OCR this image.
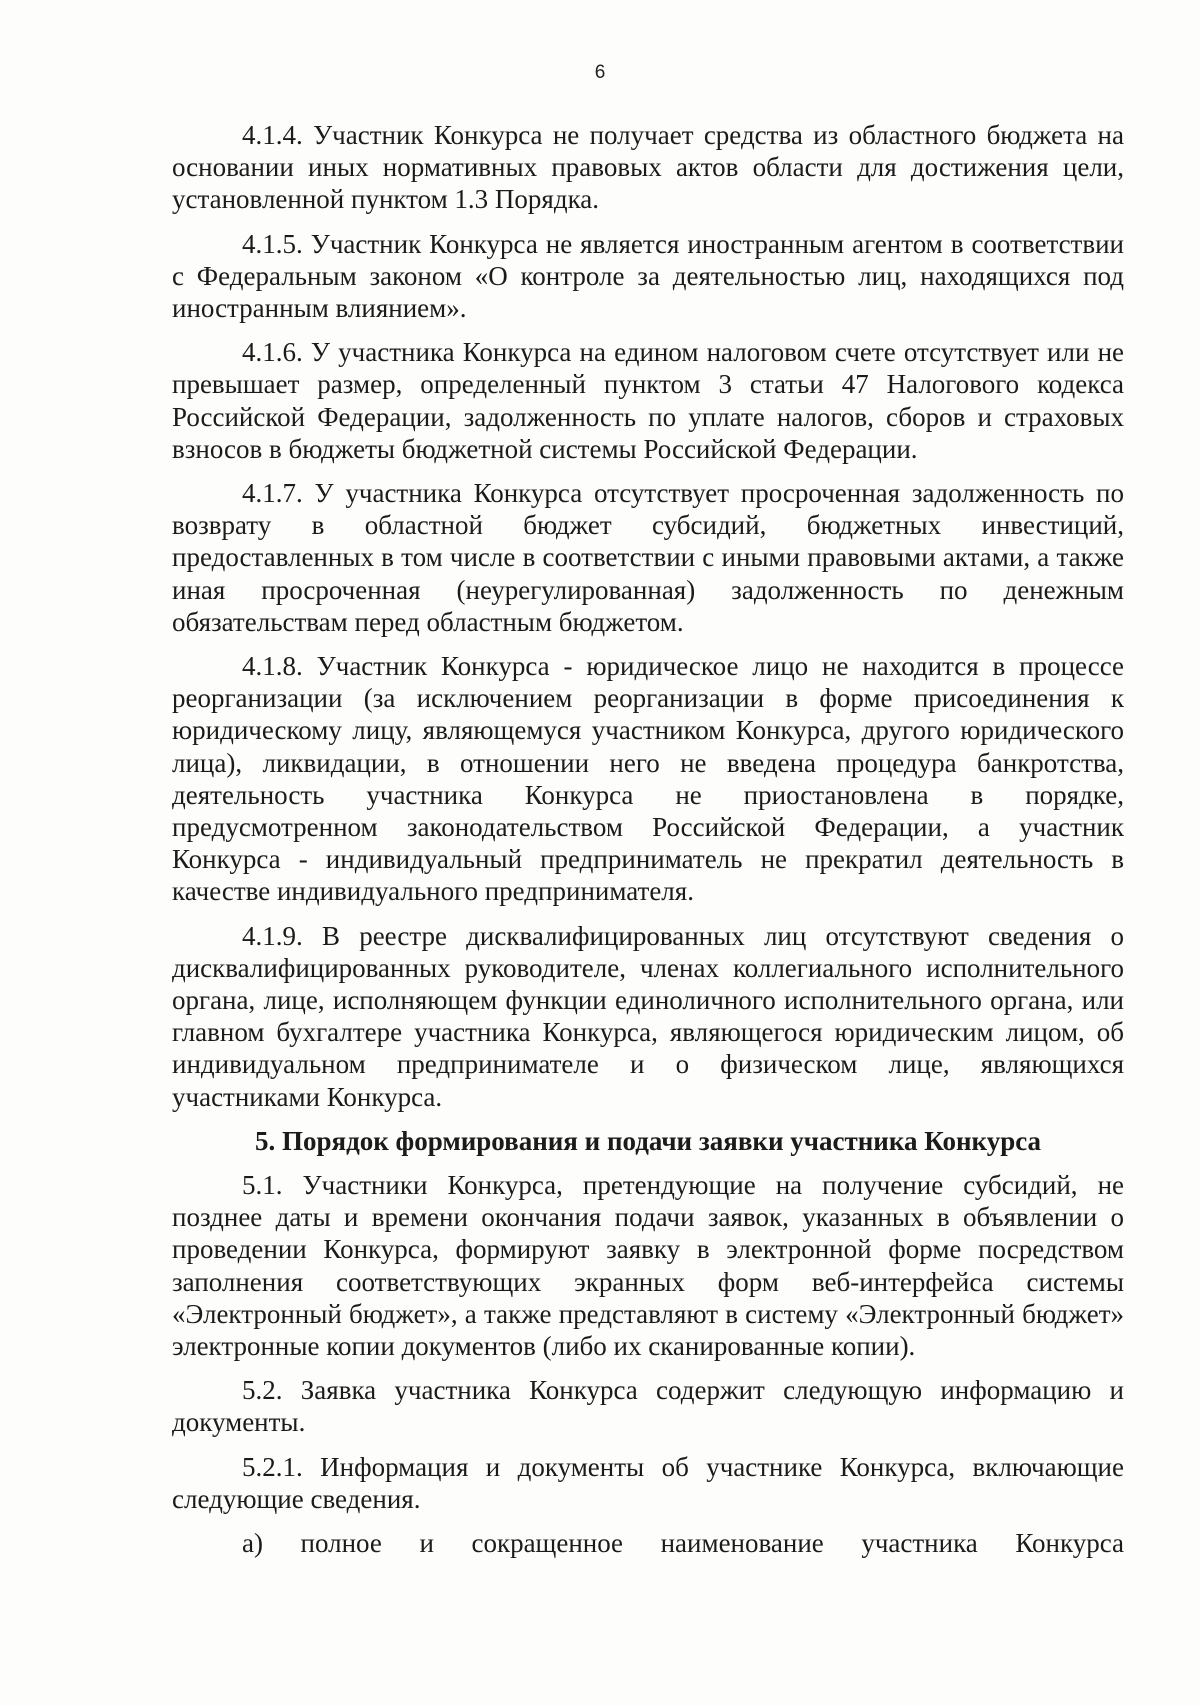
6

4.1.4. Участник Конкурса не получает средства из областного бюджета на основании иных нормативных правовых актов области для достижения цели, установленной пунктом 1.3 Порядка.

4.1.5. Участник Конкурса не является иностранным агентом в соответствии с Федеральным законом «О контроле за деятельностью лиц, находящихся под иностранным влиянием».

4.1.6. У участника Конкурса на едином налоговом счете отсутствует или не превышает размер, определенный пунктом 3 статьи 47 Налогового кодекса Российской Федерации, задолженность по уплате налогов, сборов и страховых взносов в бюджеты бюджетной системы Российской Федерации.

4.1.7. У участника Конкурса отсутствует просроченная задолженность по возврату в областной бюджет субсидий, бюджетных инвестиций, предоставленных в том числе в соответствии с иными правовыми актами, а также иная просроченная (неурегулированная) задолженность по денежным обязательствам перед областным бюджетом.

4.1.8. Участник Конкурса - юридическое лицо не находится в процессе реорганизации (за исключением реорганизации в форме присоединения к юридическому лицу, являющемуся участником Конкурса, другого юридического лица), ликвидации, в отношении него не введена процедура банкротства, деятельность участника Конкурса не приостановлена в порядке, предусмотренном законодательством Российской Федерации, а участник Конкурса - индивидуальный предприниматель не прекратил деятельность в качестве индивидуального предпринимателя.

4.1.9. В реестре дисквалифицированных лиц отсутствуют сведения о дисквалифицированных руководителе, членах коллегиального исполнительного органа, лице, исполняющем функции единоличного исполнительного органа, или главном бухгалтере участника Конкурса, являющегося юридическим лицом, об индивидуальном предпринимателе и о физическом лице, являющихся участниками Конкурса.

5. Порядок формирования и подачи заявки участника Конкурса

5.1. Участники Конкурса, претендующие на получение субсидий, не позднее даты и времени окончания подачи заявок, указанных в объявлении о проведении Конкурса, формируют заявку в электронной форме посредством заполнения соответствующих экранных форм веб-интерфейса системы «Электронный бюджет», а также представляют в систему «Электронный бюджет» электронные копии документов (либо их сканированные копии).

5.2. Заявка участника Конкурса содержит следующую информацию и документы.

5.2.1. Информация и документы об участнике Конкурса, включающие следующие сведения.

а) полное и сокращенное наименование участника Конкурса
